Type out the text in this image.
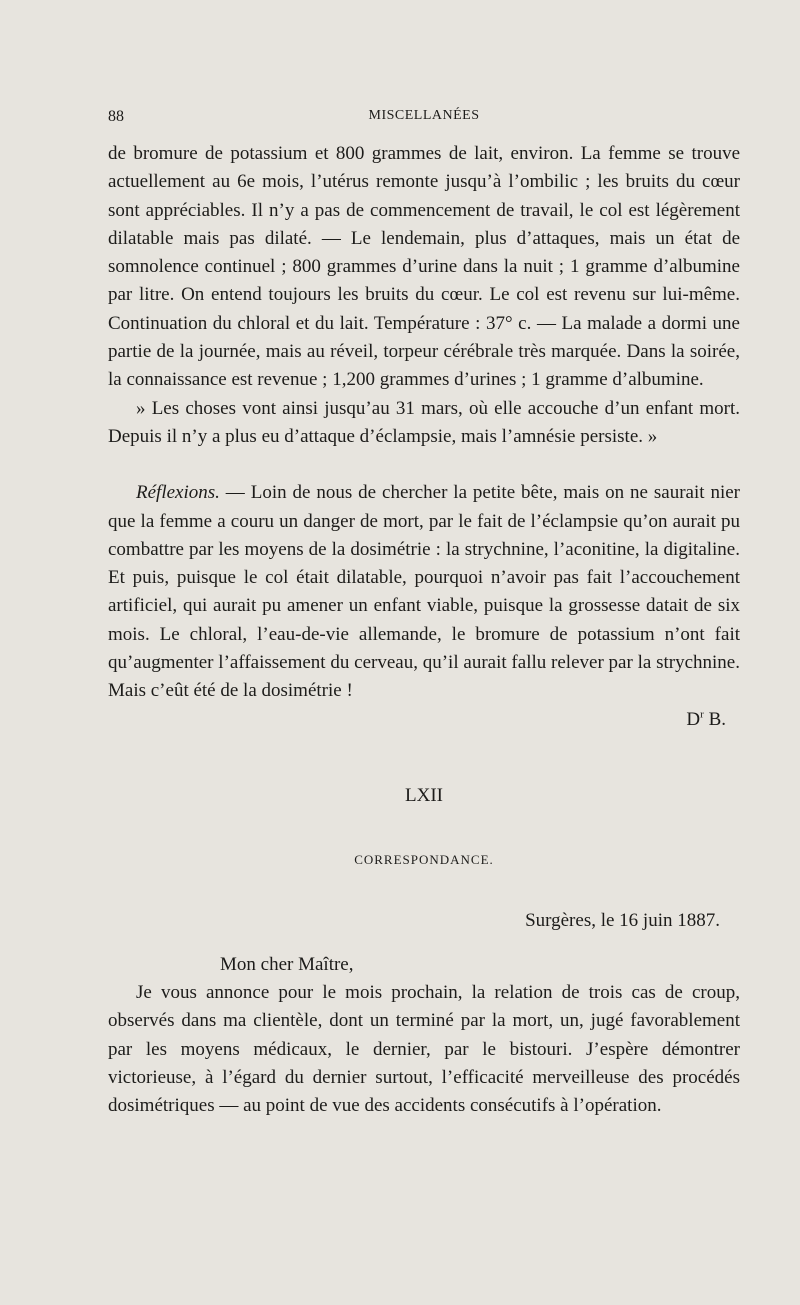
88	MISCELLANÉES

de bromure de potassium et 800 grammes de lait, environ. La femme se trouve actuellement au 6e mois, l’utérus remonte jusqu’à l’ombilic ; les bruits du cœur sont appréciables. Il n’y a pas de commencement de travail, le col est légèrement dilatable mais pas dilaté. — Le lendemain, plus d’attaques, mais un état de somnolence continuel ; 800 grammes d’urine dans la nuit ; 1 gramme d’albumine par litre. On entend toujours les bruits du cœur. Le col est revenu sur lui-même. Continuation du chloral et du lait. Température : 37° c. — La malade a dormi une partie de la journée, mais au réveil, torpeur cérébrale très marquée. Dans la soirée, la connaissance est revenue ; 1,200 grammes d’urines ; 1 gramme d’albumine.

» Les choses vont ainsi jusqu’au 31 mars, où elle accouche d’un enfant mort. Depuis il n’y a plus eu d’attaque d’éclampsie, mais l’amnésie persiste. »

Réflexions. — Loin de nous de chercher la petite bête, mais on ne saurait nier que la femme a couru un danger de mort, par le fait de l’éclampsie qu’on aurait pu combattre par les moyens de la dosimétrie : la strychnine, l’aconitine, la digitaline. Et puis, puisque le col était dilatable, pourquoi n’avoir pas fait l’accouchement artificiel, qui aurait pu amener un enfant viable, puisque la grossesse datait de six mois. Le chloral, l’eau-de-vie allemande, le bromure de potassium n’ont fait qu’augmenter l’affaissement du cerveau, qu’il aurait fallu relever par la strychnine. Mais c’eût été de la dosimétrie !

$D^r$ B.
LXII
CORRESPONDANCE.
Surgères, le 16 juin 1887.
Mon cher Maître,

Je vous annonce pour le mois prochain, la relation de trois cas de croup, observés dans ma clientèle, dont un terminé par la mort, un, jugé favorablement par les moyens médicaux, le dernier, par le bistouri. J’espère démontrer victorieuse, à l’égard du dernier surtout, l’efficacité merveilleuse des procédés dosimétriques — au point de vue des accidents consécutifs à l’opération.
